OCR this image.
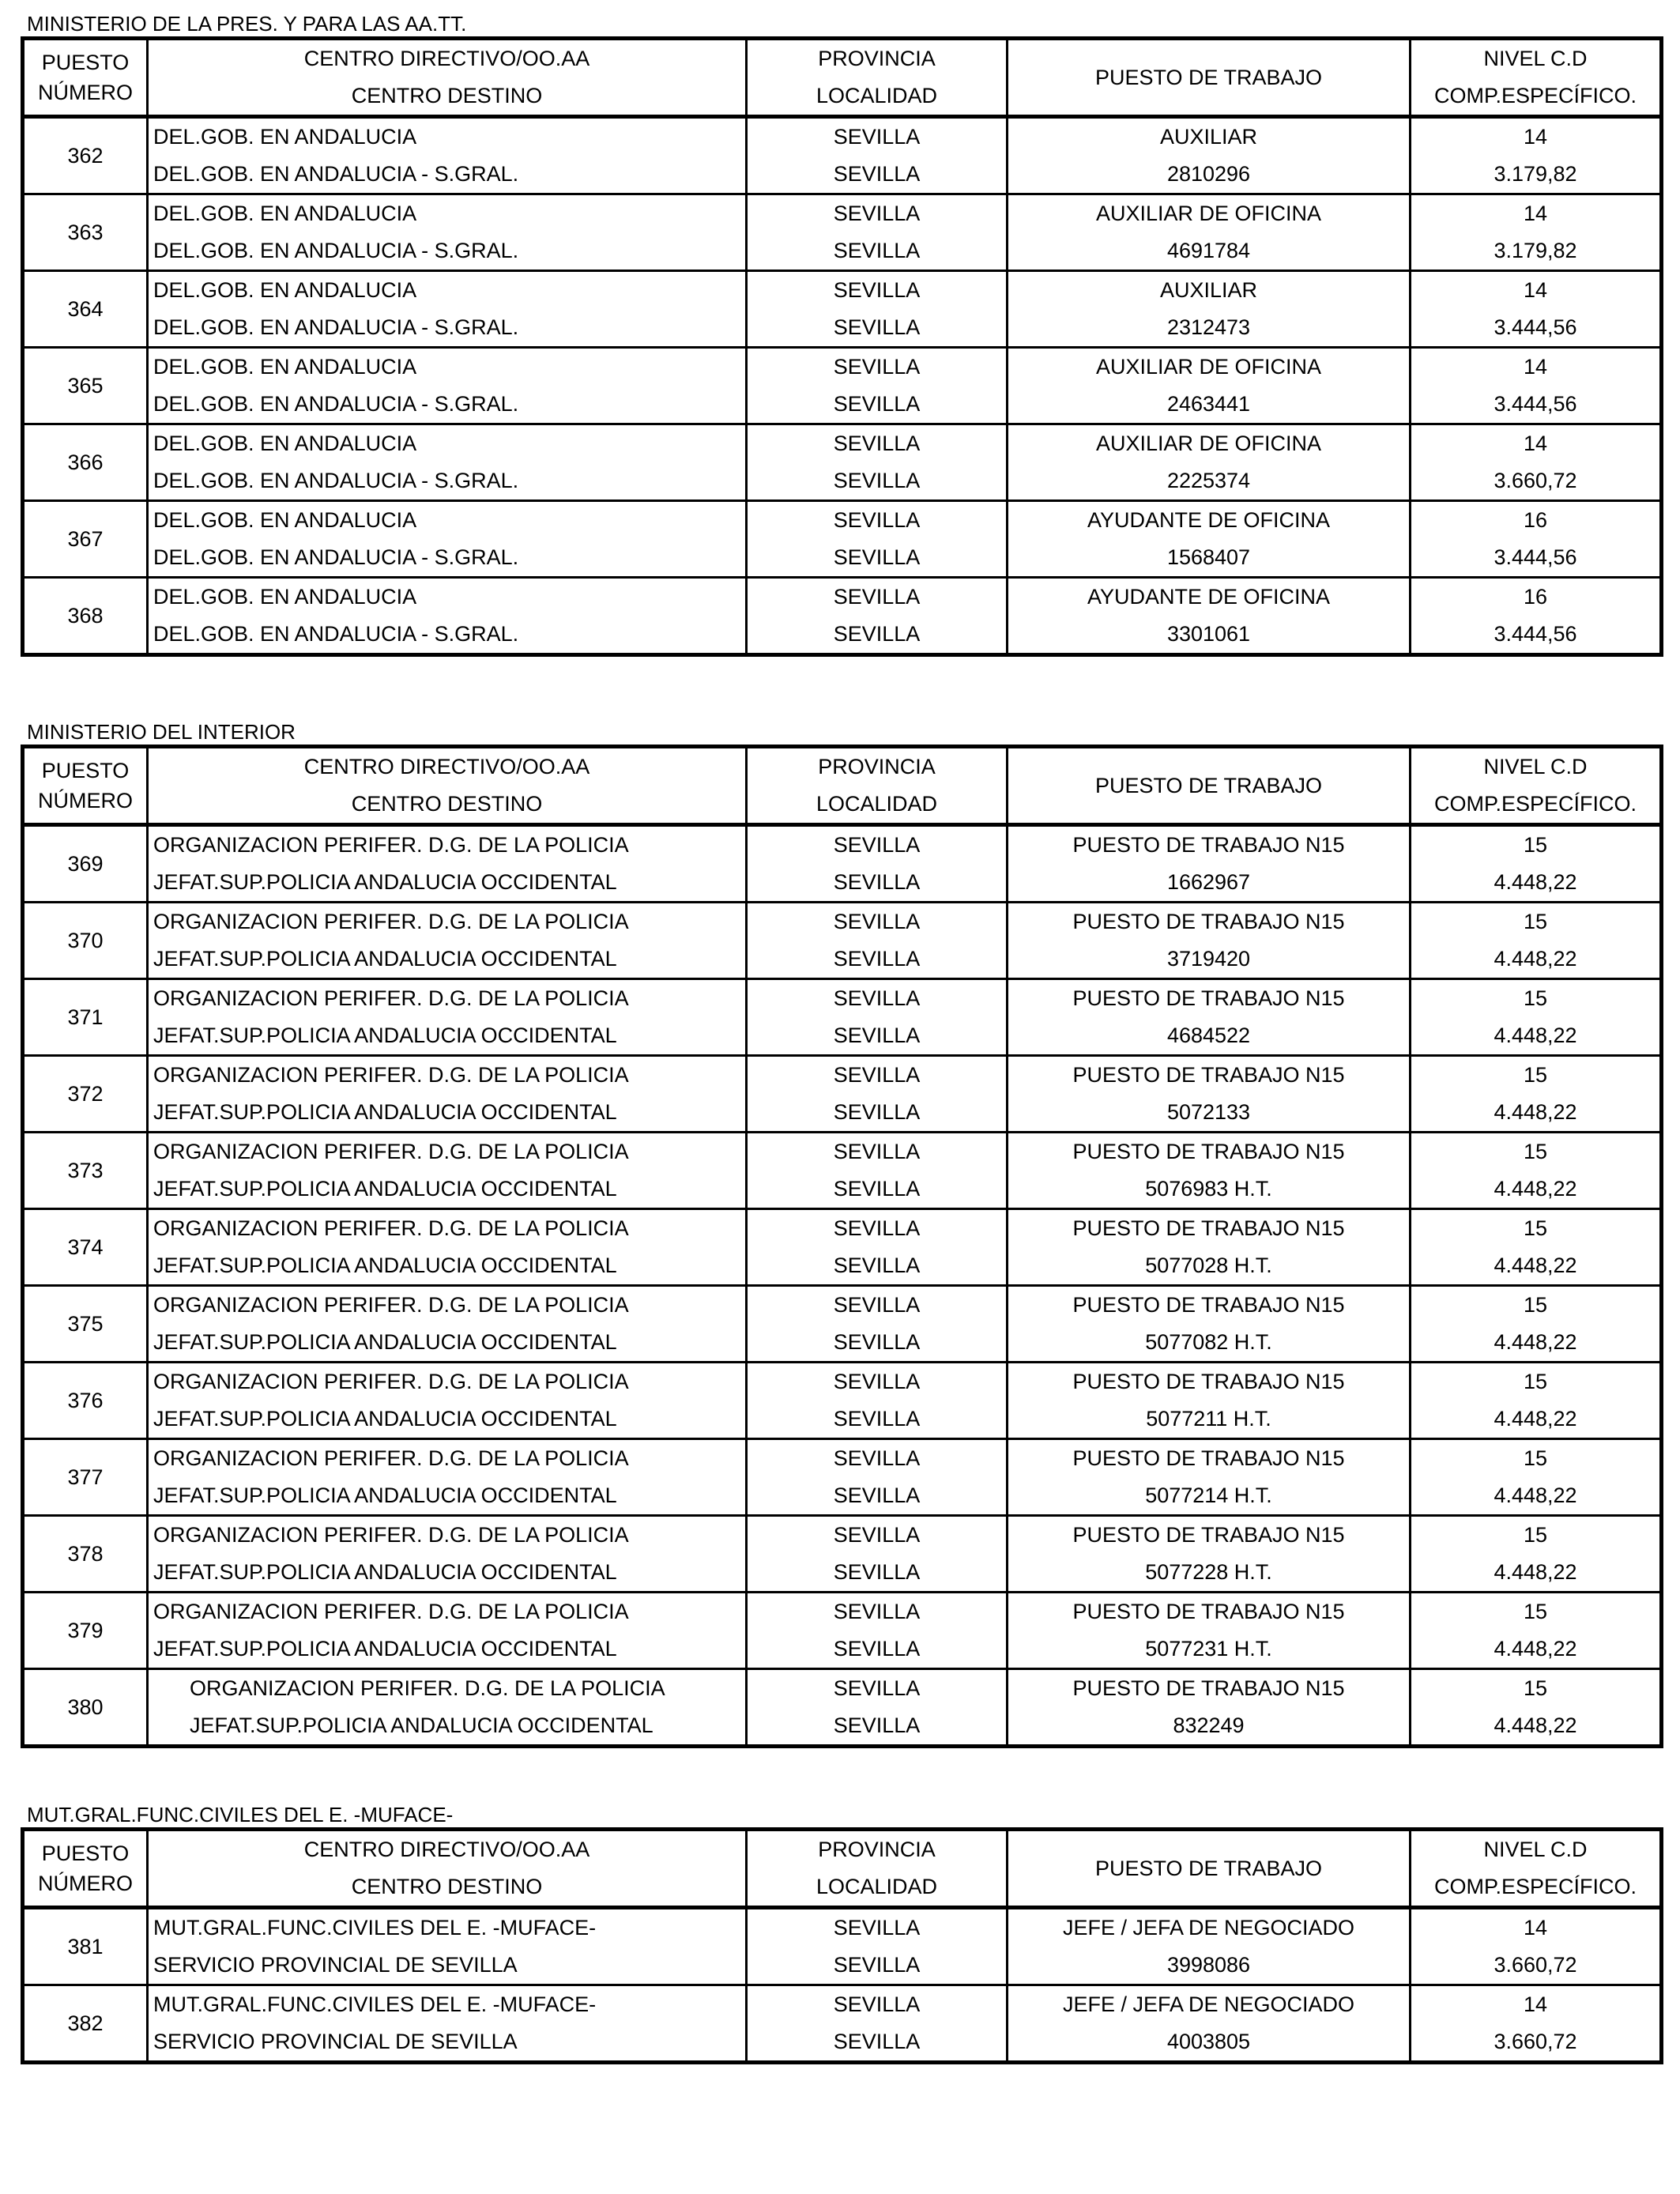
MINISTERIO DE LA PRES. Y PARA LAS AA.TT.
PUESTO
NÚMERO	CENTRO DIRECTIVO/OO.AA	PROVINCIA	PUESTO DE TRABAJO	NIVEL C.D
	CENTRO DESTINO	LOCALIDAD		COMP.ESPECÍFICO.
362	DEL.GOB. EN ANDALUCIA	SEVILLA	AUXILIAR	14
	DEL.GOB. EN ANDALUCIA - S.GRAL.	SEVILLA	2810296	3.179,82
363	DEL.GOB. EN ANDALUCIA	SEVILLA	AUXILIAR DE OFICINA	14
	DEL.GOB. EN ANDALUCIA - S.GRAL.	SEVILLA	4691784	3.179,82
364	DEL.GOB. EN ANDALUCIA	SEVILLA	AUXILIAR	14
	DEL.GOB. EN ANDALUCIA - S.GRAL.	SEVILLA	2312473	3.444,56
365	DEL.GOB. EN ANDALUCIA	SEVILLA	AUXILIAR DE OFICINA	14
	DEL.GOB. EN ANDALUCIA - S.GRAL.	SEVILLA	2463441	3.444,56
366	DEL.GOB. EN ANDALUCIA	SEVILLA	AUXILIAR DE OFICINA	14
	DEL.GOB. EN ANDALUCIA - S.GRAL.	SEVILLA	2225374	3.660,72
367	DEL.GOB. EN ANDALUCIA	SEVILLA	AYUDANTE DE OFICINA	16
	DEL.GOB. EN ANDALUCIA - S.GRAL.	SEVILLA	1568407	3.444,56
368	DEL.GOB. EN ANDALUCIA	SEVILLA	AYUDANTE DE OFICINA	16
	DEL.GOB. EN ANDALUCIA - S.GRAL.	SEVILLA	3301061	3.444,56
MINISTERIO DEL INTERIOR
PUESTO
NÚMERO	CENTRO DIRECTIVO/OO.AA	PROVINCIA	PUESTO DE TRABAJO	NIVEL C.D
	CENTRO DESTINO	LOCALIDAD		COMP.ESPECÍFICO.
369	ORGANIZACION PERIFER. D.G. DE LA POLICIA	SEVILLA	PUESTO DE TRABAJO N15	15
	JEFAT.SUP.POLICIA ANDALUCIA OCCIDENTAL	SEVILLA	1662967	4.448,22
370	ORGANIZACION PERIFER. D.G. DE LA POLICIA	SEVILLA	PUESTO DE TRABAJO N15	15
	JEFAT.SUP.POLICIA ANDALUCIA OCCIDENTAL	SEVILLA	3719420	4.448,22
371	ORGANIZACION PERIFER. D.G. DE LA POLICIA	SEVILLA	PUESTO DE TRABAJO N15	15
	JEFAT.SUP.POLICIA ANDALUCIA OCCIDENTAL	SEVILLA	4684522	4.448,22
372	ORGANIZACION PERIFER. D.G. DE LA POLICIA	SEVILLA	PUESTO DE TRABAJO N15	15
	JEFAT.SUP.POLICIA ANDALUCIA OCCIDENTAL	SEVILLA	5072133	4.448,22
373	ORGANIZACION PERIFER. D.G. DE LA POLICIA	SEVILLA	PUESTO DE TRABAJO N15	15
	JEFAT.SUP.POLICIA ANDALUCIA OCCIDENTAL	SEVILLA	5076983 H.T.	4.448,22
374	ORGANIZACION PERIFER. D.G. DE LA POLICIA	SEVILLA	PUESTO DE TRABAJO N15	15
	JEFAT.SUP.POLICIA ANDALUCIA OCCIDENTAL	SEVILLA	5077028 H.T.	4.448,22
375	ORGANIZACION PERIFER. D.G. DE LA POLICIA	SEVILLA	PUESTO DE TRABAJO N15	15
	JEFAT.SUP.POLICIA ANDALUCIA OCCIDENTAL	SEVILLA	5077082 H.T.	4.448,22
376	ORGANIZACION PERIFER. D.G. DE LA POLICIA	SEVILLA	PUESTO DE TRABAJO N15	15
	JEFAT.SUP.POLICIA ANDALUCIA OCCIDENTAL	SEVILLA	5077211 H.T.	4.448,22
377	ORGANIZACION PERIFER. D.G. DE LA POLICIA	SEVILLA	PUESTO DE TRABAJO N15	15
	JEFAT.SUP.POLICIA ANDALUCIA OCCIDENTAL	SEVILLA	5077214 H.T.	4.448,22
378	ORGANIZACION PERIFER. D.G. DE LA POLICIA	SEVILLA	PUESTO DE TRABAJO N15	15
	JEFAT.SUP.POLICIA ANDALUCIA OCCIDENTAL	SEVILLA	5077228 H.T.	4.448,22
379	ORGANIZACION PERIFER. D.G. DE LA POLICIA	SEVILLA	PUESTO DE TRABAJO N15	15
	JEFAT.SUP.POLICIA ANDALUCIA OCCIDENTAL	SEVILLA	5077231 H.T.	4.448,22
380	ORGANIZACION PERIFER. D.G. DE LA POLICIA	SEVILLA	PUESTO DE TRABAJO N15	15
	JEFAT.SUP.POLICIA ANDALUCIA OCCIDENTAL	SEVILLA	832249	4.448,22
MUT.GRAL.FUNC.CIVILES DEL E. -MUFACE-
PUESTO
NÚMERO	CENTRO DIRECTIVO/OO.AA	PROVINCIA	PUESTO DE TRABAJO	NIVEL C.D
	CENTRO DESTINO	LOCALIDAD		COMP.ESPECÍFICO.
381	MUT.GRAL.FUNC.CIVILES DEL E. -MUFACE-	SEVILLA	JEFE / JEFA DE NEGOCIADO	14
	SERVICIO PROVINCIAL DE SEVILLA	SEVILLA	3998086	3.660,72
382	MUT.GRAL.FUNC.CIVILES DEL E. -MUFACE-	SEVILLA	JEFE / JEFA DE NEGOCIADO	14
	SERVICIO PROVINCIAL DE SEVILLA	SEVILLA	4003805	3.660,72
